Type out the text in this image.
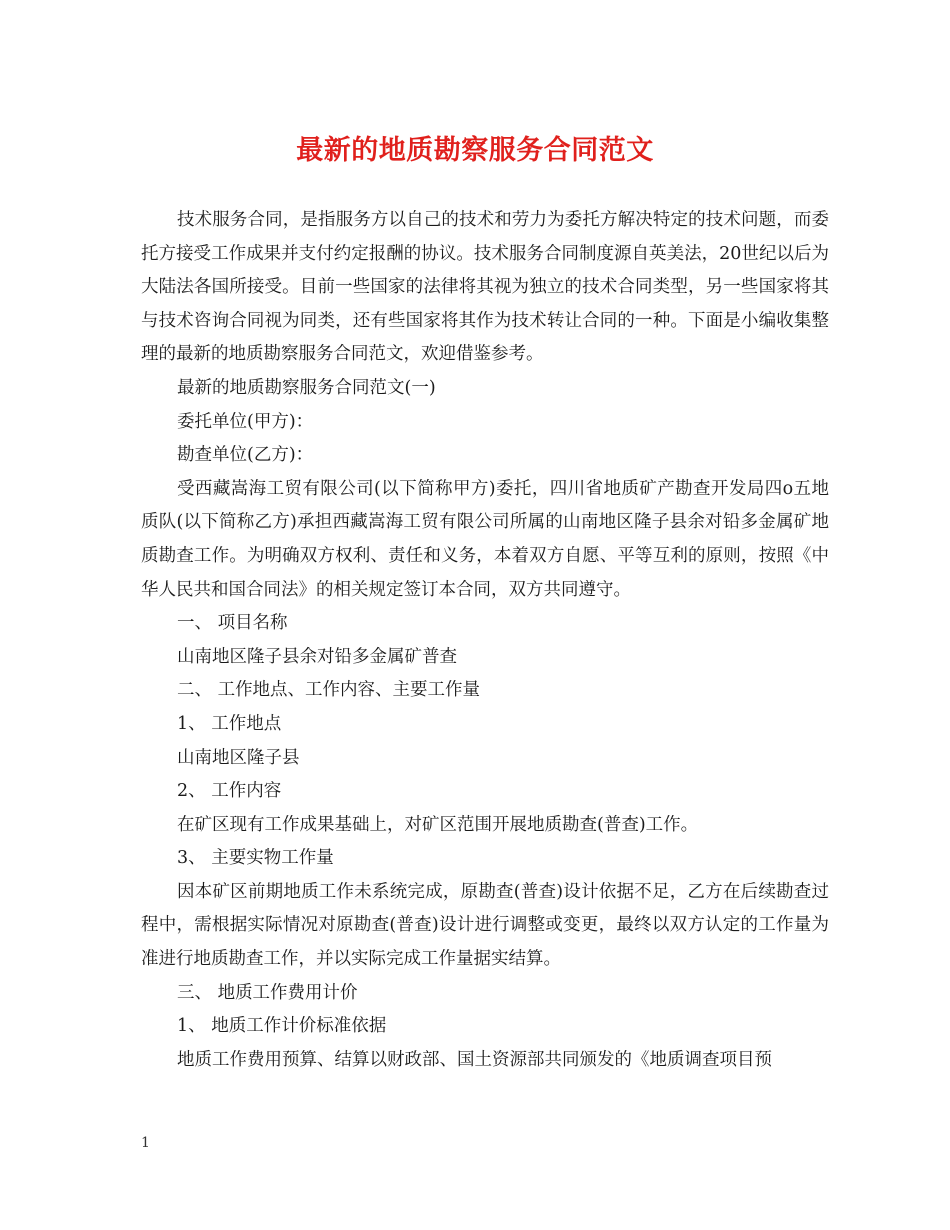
最新的地质勘察服务合同范文

技术服务合同，是指服务方以自己的技术和劳力为委托方解决特定的技术问题，而委托方接受工作成果并支付约定报酬的协议。技术服务合同制度源自英美法，20世纪以后为大陆法各国所接受。目前一些国家的法律将其视为独立的技术合同类型，另一些国家将其与技术咨询合同视为同类，还有些国家将其作为技术转让合同的一种。下面是小编收集整理的最新的地质勘察服务合同范文，欢迎借鉴参考。

最新的地质勘察服务合同范文(一)

委托单位(甲方)：

勘查单位(乙方)：

受西藏嵩海工贸有限公司(以下简称甲方)委托，四川省地质矿产勘查开发局四o五地质队(以下简称乙方)承担西藏嵩海工贸有限公司所属的山南地区隆子县余对铅多金属矿地质勘查工作。为明确双方权利、责任和义务，本着双方自愿、平等互利的原则，按照《中华人民共和国合同法》的相关规定签订本合同，双方共同遵守。

一、 项目名称

山南地区隆子县余对铅多金属矿普查

二、 工作地点、工作内容、主要工作量

1、 工作地点

山南地区隆子县

2、 工作内容

在矿区现有工作成果基础上，对矿区范围开展地质勘查(普查)工作。

3、 主要实物工作量

因本矿区前期地质工作未系统完成，原勘查(普查)设计依据不足，乙方在后续勘查过程中，需根据实际情况对原勘查(普查)设计进行调整或变更，最终以双方认定的工作量为准进行地质勘查工作，并以实际完成工作量据实结算。

三、 地质工作费用计价

1、 地质工作计价标准依据

地质工作费用预算、结算以财政部、国土资源部共同颁发的《地质调查项目预

1
